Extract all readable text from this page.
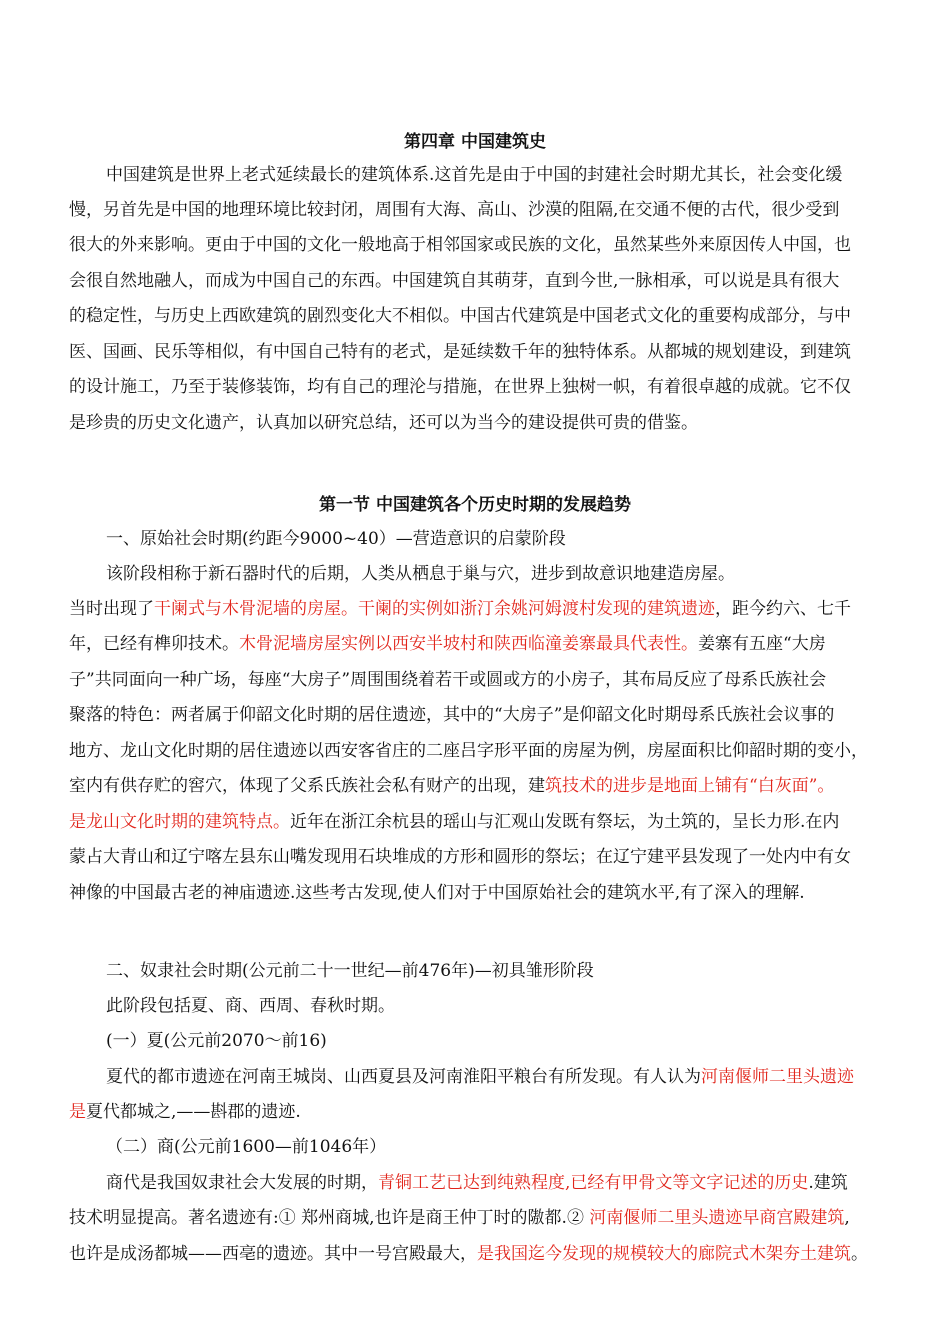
第四章 中国建筑史
中国建筑是世界上老式延续最长的建筑体系.这首先是由于中国的封建社会时期尤其长，社会变化缓
慢，另首先是中国的地理环境比较封闭，周围有大海、高山、沙漠的阻隔,在交通不便的古代，很少受到
很大的外来影响。更由于中国的文化一般地高于相邻国家或民族的文化，虽然某些外来原因传人中国，也
会很自然地融人，而成为中国自己的东西。中国建筑自其萌芽，直到今世,一脉相承，可以说是具有很大
的稳定性，与历史上西欧建筑的剧烈变化大不相似。中国古代建筑是中国老式文化的重要构成部分，与中
医、国画、民乐等相似，有中国自己特有的老式，是延续数千年的独特体系。从都城的规划建设，到建筑
的设计施工，乃至于装修装饰，均有自己的理沦与措施，在世界上独树一帜，有着很卓越的成就。它不仅
是珍贵的历史文化遗产，认真加以研究总结，还可以为当今的建设提供可贵的借鉴。
第一节 中国建筑各个历史时期的发展趋势
一、原始社会时期(约距今9000~40）—营造意识的启蒙阶段
该阶段相称于新石器时代的后期，人类从栖息于巢与穴，进步到故意识地建造房屋。
当时出现了干阑式与木骨泥墙的房屋。干阑的实例如浙汀余姚河姆渡村发现的建筑遗迹，距今约六、七千
年，已经有榫卯技术。木骨泥墙房屋实例以西安半坡村和陕西临潼姜寨最具代表性。姜寨有五座“大房
子”共同面向一种广场，每座“大房子”周围围绕着若干或圆或方的小房子，其布局反应了母系氏族社会
聚落的特色：两者属于仰韶文化时期的居住遗迹，其中的“大房子”是仰韶文化时期母系氏族社会议事的
地方、龙山文化时期的居住遗迹以西安客省庄的二座吕字形平面的房屋为例，房屋面积比仰韶时期的变小，
室内有供存贮的窖穴，体现了父系氏族社会私有财产的出现，建筑技术的进步是地面上铺有“白灰面”。
是龙山文化时期的建筑特点。近年在浙江余杭县的瑶山与汇观山发既有祭坛，为土筑的，呈长力形.在内
蒙占大青山和辽宁喀左县东山嘴发现用石块堆成的方形和圆形的祭坛；在辽宁建平县发现了一处内中有女
神像的中国最古老的神庙遗迹.这些考古发现,使人们对于中国原始社会的建筑水平,有了深入的理解.
二、奴隶社会时期(公元前二十一世纪—前476年)—初具雏形阶段
此阶段包括夏、商、西周、春秋时期。
(一）夏(公元前2070～前16)
夏代的都市遗迹在河南王城岗、山西夏县及河南淮阳平粮台有所发现。有人认为河南偃师二里头遗迹
是夏代都城之,——斟郡的遗迹.
（二）商(公元前1600—前1046年）
商代是我国奴隶社会大发展的时期，青铜工艺已达到纯熟程度,已经有甲骨文等文字记述的历史.建筑
技术明显提高。著名遗迹有:① 郑州商城,也许是商王仲丁时的隞都.② 河南偃师二里头遗迹早商宫殿建筑,
也许是成汤都城——西亳的遗迹。其中一号宫殿最大，是我国迄今发现的规模较大的廊院式木架夯土建筑。
